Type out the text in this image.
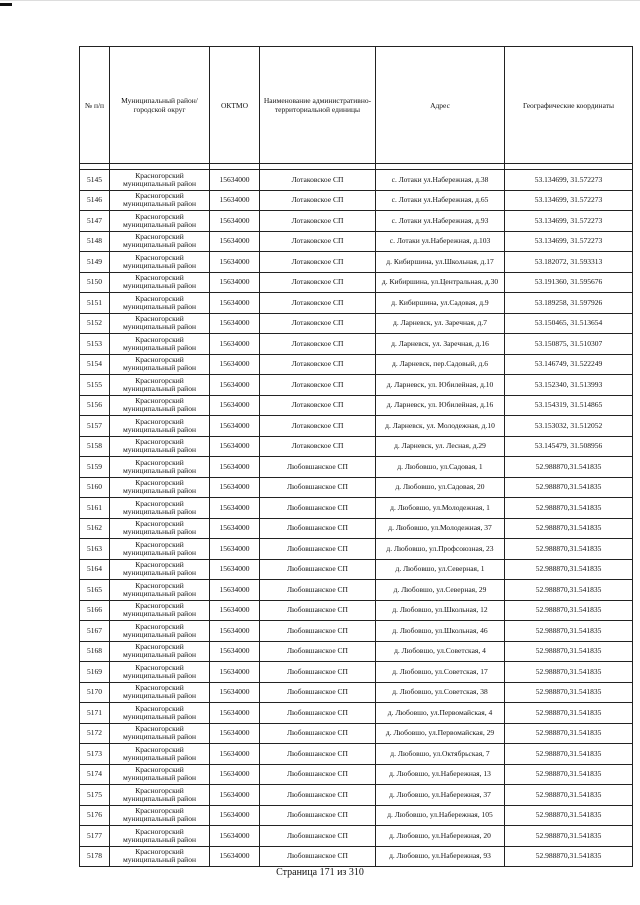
№ п/п	Муниципальный район/городской округ	ОКТМО	Наименование административно-территориальной единицы	Адрес	Географические координаты

5145	Красногорский муниципальный район	15634000	Лотаковское СП	с. Лотаки ул.Набережная, д.38	53.134699, 31.572273
5146	Красногорский муниципальный район	15634000	Лотаковское СП	с. Лотаки ул.Набережная, д.65	53.134699, 31.572273
5147	Красногорский муниципальный район	15634000	Лотаковское СП	с. Лотаки ул.Набережная, д.93	53.134699, 31.572273
5148	Красногорский муниципальный район	15634000	Лотаковское СП	с. Лотаки ул.Набережная, д.103	53.134699, 31.572273
5149	Красногорский муниципальный район	15634000	Лотаковское СП	д. Кибиршина, ул.Школьная, д.17	53.182072, 31.593313
5150	Красногорский муниципальный район	15634000	Лотаковское СП	д. Кибиршина, ул.Центральная, д.30	53.191360, 31.595676
5151	Красногорский муниципальный район	15634000	Лотаковское СП	д. Кибиршина, ул.Садовая, д.9	53.189258, 31.597926
5152	Красногорский муниципальный район	15634000	Лотаковское СП	д. Ларневск, ул. Заречная, д.7	53.150465, 31.513654
5153	Красногорский муниципальный район	15634000	Лотаковское СП	д. Ларневск, ул. Заречная, д.16	53.150875, 31.510307
5154	Красногорский муниципальный район	15634000	Лотаковское СП	д. Ларневск, пер.Садовый, д.6	53.146749, 31.522249
5155	Красногорский муниципальный район	15634000	Лотаковское СП	д. Ларневск, ул. Юбилейная, д.10	53.152340, 31.513993
5156	Красногорский муниципальный район	15634000	Лотаковское СП	д. Ларневск, ул. Юбилейная, д.16	53.154319, 31.514865
5157	Красногорский муниципальный район	15634000	Лотаковское СП	д. Ларневск, ул. Молодежная, д.10	53.153032, 31.512052
5158	Красногорский муниципальный район	15634000	Лотаковское СП	д. Ларневск, ул. Лесная, д.29	53.145479, 31.508956
5159	Красногорский муниципальный район	15634000	Любовшанское СП	д. Любовшо, ул.Садовая, 1	52.988870,31.541835
5160	Красногорский муниципальный район	15634000	Любовшанское СП	д. Любовшо, ул.Садовая, 20	52.988870,31.541835
5161	Красногорский муниципальный район	15634000	Любовшанское СП	д. Любовшо, ул.Молодежная, 1	52.988870,31.541835
5162	Красногорский муниципальный район	15634000	Любовшанское СП	д. Любовшо, ул.Молодежная, 37	52.988870,31.541835
5163	Красногорский муниципальный район	15634000	Любовшанское СП	д. Любовшо, ул.Профсоюзная, 23	52.988870,31.541835
5164	Красногорский муниципальный район	15634000	Любовшанское СП	д. Любовшо, ул.Северная, 1	52.988870,31.541835
5165	Красногорский муниципальный район	15634000	Любовшанское СП	д. Любовшо, ул.Северная, 29	52.988870,31.541835
5166	Красногорский муниципальный район	15634000	Любовшанское СП	д. Любовшо, ул.Школьная, 12	52.988870,31.541835
5167	Красногорский муниципальный район	15634000	Любовшанское СП	д. Любовшо, ул.Школьная, 46	52.988870,31.541835
5168	Красногорский муниципальный район	15634000	Любовшанское СП	д. Любовшо, ул.Советская, 4	52.988870,31.541835
5169	Красногорский муниципальный район	15634000	Любовшанское СП	д. Любовшо, ул.Советская, 17	52.988870,31.541835
5170	Красногорский муниципальный район	15634000	Любовшанское СП	д. Любовшо, ул.Советская, 38	52.988870,31.541835
5171	Красногорский муниципальный район	15634000	Любовшанское СП	д. Любовшо, ул.Первомайская, 4	52.988870,31.541835
5172	Красногорский муниципальный район	15634000	Любовшанское СП	д. Любовшо, ул.Первомайская, 29	52.988870,31.541835
5173	Красногорский муниципальный район	15634000	Любовшанское СП	д. Любовшо, ул.Октябрьская, 7	52.988870,31.541835
5174	Красногорский муниципальный район	15634000	Любовшанское СП	д. Любовшо, ул.Набережная, 13	52.988870,31.541835
5175	Красногорский муниципальный район	15634000	Любовшанское СП	д. Любовшо, ул.Набережная, 37	52.988870,31.541835
5176	Красногорский муниципальный район	15634000	Любовшанское СП	д. Любовшо, ул.Набережная, 105	52.988870,31.541835
5177	Красногорский муниципальный район	15634000	Любовшанское СП	д. Любовшо, ул.Набережная, 20	52.988870,31.541835
5178	Красногорский муниципальный район	15634000	Любовшанское СП	д. Любовшо, ул.Набережная, 93	52.988870,31.541835
Страница 171 из 310
